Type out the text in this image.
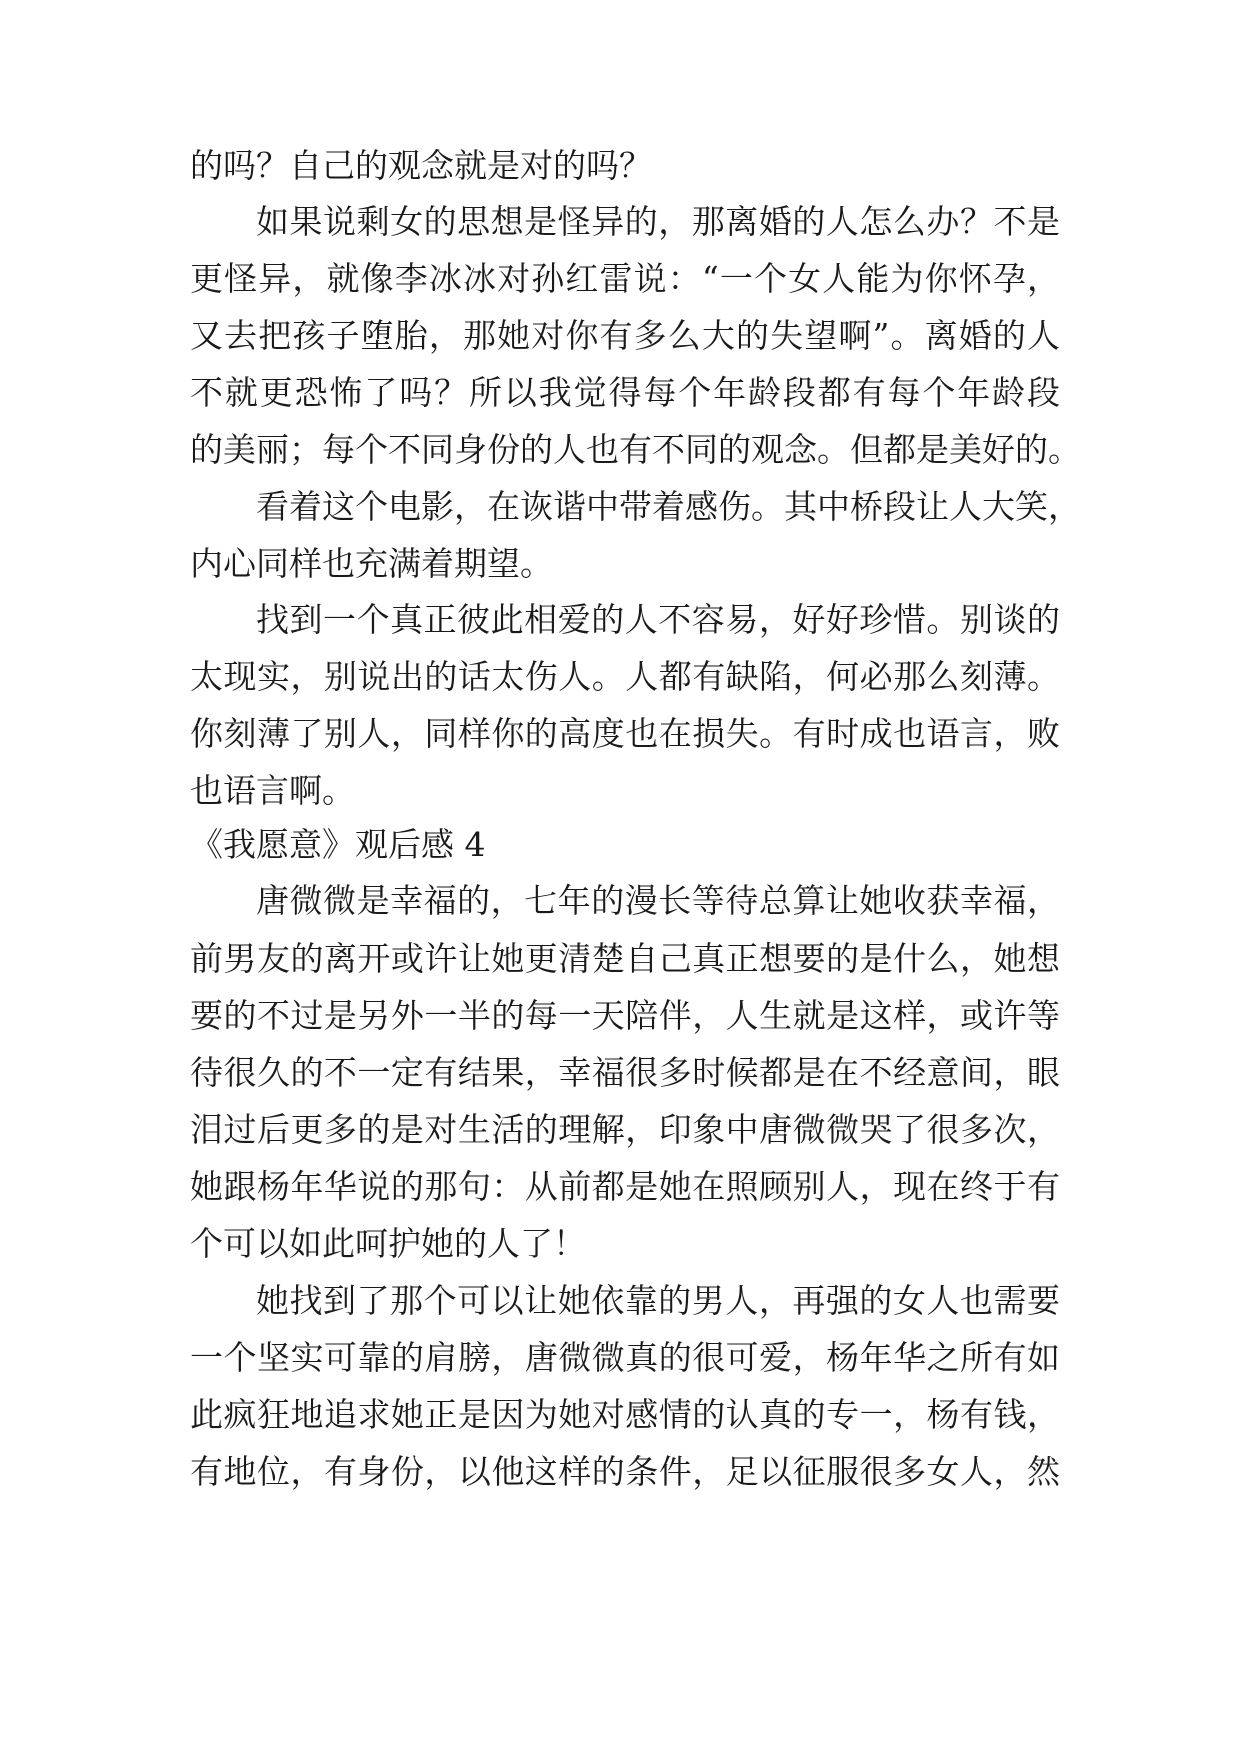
的吗？自己的观念就是对的吗？

如果说剩女的思想是怪异的，那离婚的人怎么办？不是

更怪异，就像李冰冰对孙红雷说：“一个女人能为你怀孕，

又去把孩子堕胎，那她对你有多么大的失望啊”。离婚的人

不就更恐怖了吗？所以我觉得每个年龄段都有每个年龄段

的美丽；每个不同身份的人也有不同的观念。但都是美好的。

看着这个电影，在诙谐中带着感伤。其中桥段让人大笑，

内心同样也充满着期望。

找到一个真正彼此相爱的人不容易，好好珍惜。别谈的

太现实，别说出的话太伤人。人都有缺陷，何必那么刻薄。

你刻薄了别人，同样你的高度也在损失。有时成也语言，败

也语言啊。

《我愿意》观后感 4

唐微微是幸福的，七年的漫长等待总算让她收获幸福，

前男友的离开或许让她更清楚自己真正想要的是什么，她想

要的不过是另外一半的每一天陪伴，人生就是这样，或许等

待很久的不一定有结果，幸福很多时候都是在不经意间，眼

泪过后更多的是对生活的理解，印象中唐微微哭了很多次，

她跟杨年华说的那句：从前都是她在照顾别人，现在终于有

个可以如此呵护她的人了！

她找到了那个可以让她依靠的男人，再强的女人也需要

一个坚实可靠的肩膀，唐微微真的很可爱，杨年华之所有如

此疯狂地追求她正是因为她对感情的认真的专一，杨有钱，

有地位，有身份，以他这样的条件，足以征服很多女人，然
